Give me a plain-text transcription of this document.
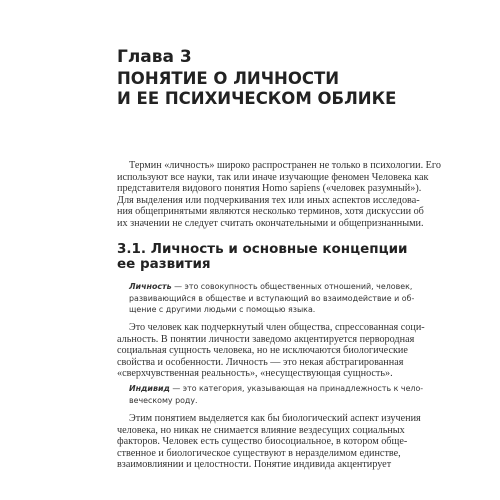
Глава 3
ПОНЯТИЕ О ЛИЧНОСТИ
И ЕЕ ПСИХИЧЕСКОМ ОБЛИКЕ

Термин «личность» широко распространен не только в психологии. Его
используют все науки, так или иначе изучающие феномен Человека как
представителя видового понятия Homo sapiens («человек разумный»).
Для выделения или подчеркивания тех или иных аспектов исследова-
ния общепринятыми являются несколько терминов, хотя дискуссии об
их значении не следует считать окончательными и общепризнанными.

3.1. Личность и основные концепции
ее развития

Личность — это совокупность общественных отношений, человек,
развивающийся в обществе и вступающий во взаимодействие и об-
щение с другими людьми с помощью языка.

Это человек как подчеркнутый член общества, спрессованная соци-
альность. В понятии личности заведомо акцентируется первородная
социальная сущность человека, но не исключаются биологические
свойства и особенности. Личность — это некая абстрагированная
«сверхчувственная реальность», «несуществующая сущность».

Индивид — это категория, указывающая на принадлежность к чело-
веческому роду.

Этим понятием выделяется как бы биологический аспект изучения
человека, но никак не снимается влияние вездесущих социальных
факторов. Человек есть существо биосоциальное, в котором обще-
ственное и биологическое существуют в неразделимом единстве,
взаимовлиянии и целостности. Понятие индивида акцентирует
